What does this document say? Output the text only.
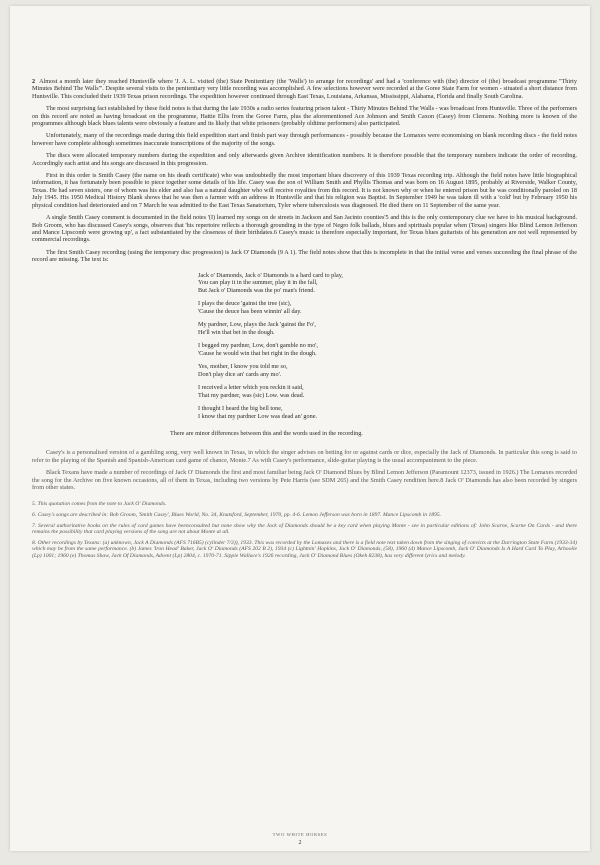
2 Almost a month later they reached Huntsville where 'J. A. L. visited (the) State Penitentiary (the 'Walls') to arrange for recordings' and had a 'conference with (the) director of (the) broadcast programme "Thirty Minutes Behind The Walls"'. Despite several visits to the penitentiary very little recording was accomplished. A few selections however were recorded at the Goree State Farm for women - situated a short distance from Huntsville. This concluded their 1939 Texas prison recordings. The expedition however continued through East Texas, Louisiana, Arkansas, Mississippi, Alabama, Florida and finally South Carolina.

The most surprising fact established by these field notes is that during the late 1930s a radio series featuring prison talent - Thirty Minutes Behind The Walls - was broadcast from Huntsville. Three of the performers on this record are noted as having broadcast on the programme, Hattie Ellis from the Goree Farm, plus the aforementioned Ace Johnson and Smith Caxon (Casey) from Clemens. Nothing more is known of the programmes although black blues talents were obviously a feature and its likely that white prisoners (probably oldtime performers) also participated.

Unfortunately, many of the recordings made during this field expedition start and finish part way through performances - possibly because the Lomaxes were economising on blank recording discs - the field notes however have complete although sometimes inaccurate transcriptions of the majority of the songs.

The discs were allocated temporary numbers during the expedition and only afterwards given Archive identification numbers. It is therefore possible that the temporary numbers indicate the order of recording. Accordingly each artist and his songs are discussed in this progression.

First in this order is Smith Casey (the name on his death certificate) who was undoubtedly the most important blues discovery of this 1939 Texas recording trip. Although the field notes have little biographical information, it has fortunately been possible to piece together some details of his life. Casey was the son of William Smith and Phyllis Thomas and was born on 16 August 1895, probably at Riverside, Walker County, Texas. He had seven sisters, one of whom was his elder and also has a natural daughter who will receive royalties from this record. It is not known why or when he entered prison but he was conditionally paroled on 18 July 1945. His 1950 Medical History Blank shows that he was then a farmer with an address in Huntsville and that his religion was Baptist. In September 1949 he was taken ill with a 'cold' but by February 1950 his physical condition had deteriorated and on 7 March he was admitted to the East Texas Sanatorium, Tyler where tuberculosis was diagnosed. He died there on 11 September of the same year.

A single Smith Casey comment is documented in the field notes '(I) learned my songs on de streets in Jackson and San Jacinto counties'5 and this is the only contemporary clue we have to his musical background. Bob Groom, who has discussed Casey's songs, observes that 'his repertoire reflects a thorough grounding in the type of Negro folk ballads, blues and spirituals popular when (Texas) singers like Blind Lemon Jefferson and Mance Lipscomb were growing up', a fact substantiated by the closeness of their birthdates.6 Casey's music is therefore especially important, for Texas blues guitarists of his generation are not well represented by commercial recordings.

The first Smith Casey recording (using the temporary disc progression) is Jack O' Diamonds (9 A 1). The field notes show that this is incomplete in that the initial verse and verses succeeding the final phrase of the record are missing. The text is:

Jack o' Diamonds, Jack o' Diamonds is a hard card to play,
You can play it in the summer, play it in the fall,
But Jack o' Diamonds was the po' man's friend.
I plays the deuce 'gainst the tree (sic),
'Cause the deuce has been winnin' all day.
My pardner, Low, plays the Jack 'gainst the Fo',
He'll win that bet in the dough.
I begged my pardner, Low, don't gamble no mo',
'Cause he would win that bet right in the dough.
Yes, mother, I know you told me so,
Don't play dice an' cards any mo'.
I received a letter which you reckin it said,
That my pardner, was (sic) Low. was dead.
I thought I heard the big bell tone,
I know that my pardner Low was dead an' gone.

There are minor differences between this and the words used in the recording.

Casey's is a personalised version of a gambling song, very well known in Texas, in which the singer advises on betting for or against cards or dice, especially the Jack of Diamonds. In particular this song is said to refer to the playing of the Spanish and Spanish-American card game of chance, Monte.7 As with Casey's performance, slide-guitar playing is the usual accompaniment to the piece.

Black Texans have made a number of recordings of Jack O' Diamonds the first and most familiar being Jack O' Diamond Blues by Blind Lemon Jefferson (Paramount 12373, issued in 1926.) The Lomaxes recorded the song for the Archive on five known occasions, all of them in Texas, including two versions by Pete Harris (see SDM 265) and the Smith Casey rendition here.8 Jack O' Diamonds has also been recorded by singers from other states.

5. This quotation comes from the note to Jack O' Diamonds.
6. Casey's songs are described in: Bob Groom, 'Smith Casey', Blues World, No. 34, Knutsford, September, 1970, pp. 4-6. Lemon Jefferson was born in 1897. Mance Lipscomb in 1895.
7. Several authoritative books on the rules of card games have beenconsulted but none show why the Jack of Diamonds should be a key card when playing Monte - see in particular editions of: John Scarne, Scarne On Cards - and there remains the possibility that card playing versions of the song are not about Monte at all.
8. Other recordings by Texans: (a) unknown, Jack A Diamonds (AFS 716B5) (cylinder 7/3)), 1933. This was recorded by the Lomaxes and there is a field note text taken down from the singing of convicts at the Darrington State Farm (1933-34) which may be from the same performance. (b) James 'Iron Head' Baker, Jack O' Diamonds (AFS 202 B 2), 1934 (c) Lightnin' Hopkins, Jack O' Diamonds, (58), 1960 (d) Mance Lipscomb, Jack O' Diamonds Is A Hard Card To Play, Arhoolie (Lp) 1001; 1960 (e) Thomas Shaw, Jack Of Diamonds, Advent (Lp) 2804, c. 1970-71. Sippie Wallace's 1926 recording, Jack O' Diamond Blues (Okeh 8238), has very different lyrics and melody.
TWO WHITE HORSES
2
